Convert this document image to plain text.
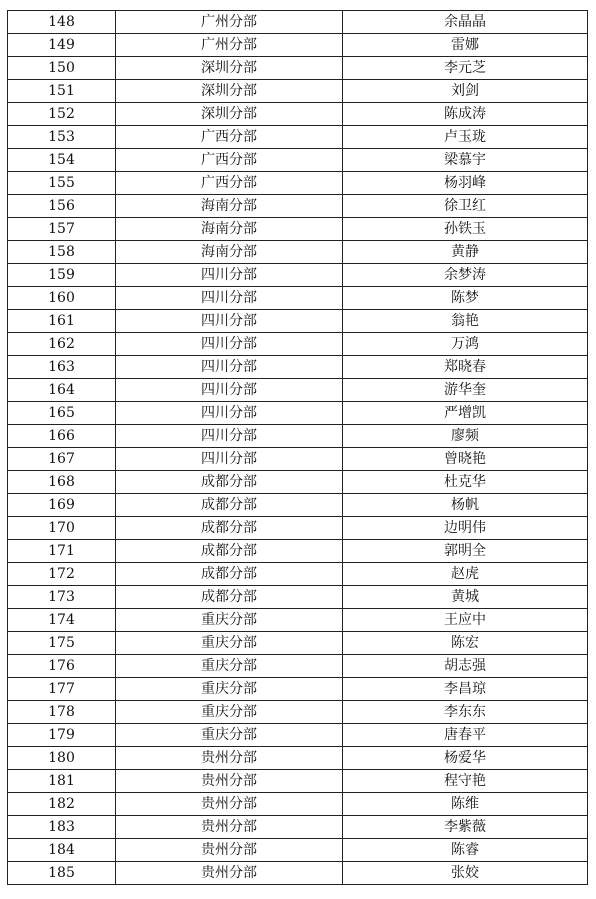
148	广州分部	余晶晶
149	广州分部	雷娜
150	深圳分部	李元芝
151	深圳分部	刘剑
152	深圳分部	陈成涛
153	广西分部	卢玉珑
154	广西分部	梁慕宇
155	广西分部	杨羽峰
156	海南分部	徐卫红
157	海南分部	孙铁玉
158	海南分部	黄静
159	四川分部	余梦涛
160	四川分部	陈梦
161	四川分部	翁艳
162	四川分部	万鸿
163	四川分部	郑晓春
164	四川分部	游华奎
165	四川分部	严增凯
166	四川分部	廖频
167	四川分部	曾晓艳
168	成都分部	杜克华
169	成都分部	杨帆
170	成都分部	边明伟
171	成都分部	郭明全
172	成都分部	赵虎
173	成都分部	黄城
174	重庆分部	王应中
175	重庆分部	陈宏
176	重庆分部	胡志强
177	重庆分部	李昌琼
178	重庆分部	李东东
179	重庆分部	唐春平
180	贵州分部	杨爱华
181	贵州分部	程守艳
182	贵州分部	陈维
183	贵州分部	李紫薇
184	贵州分部	陈睿
185	贵州分部	张姣
